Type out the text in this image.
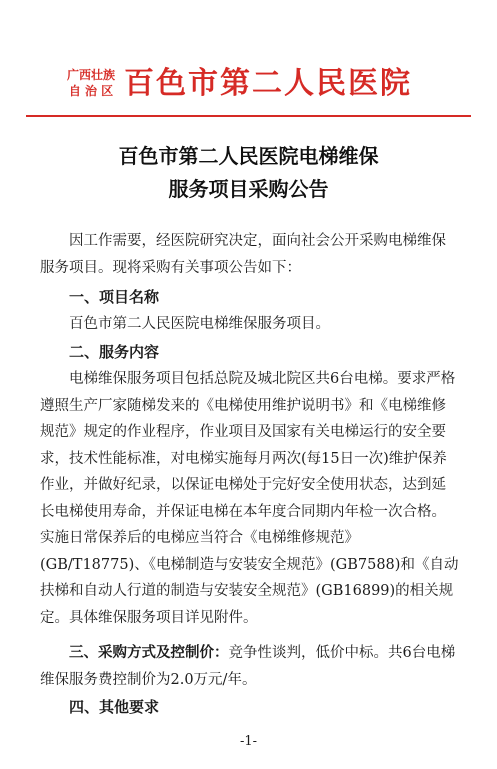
广西壮族
自 治 区 百色市第二人民医院
百色市第二人民医院电梯维保
服务项目采购公告
因工作需要，经医院研究决定，面向社会公开采购电梯维保服务项目。现将采购有关事项公告如下：
一、项目名称
百色市第二人民医院电梯维保服务项目。
二、服务内容
电梯维保服务项目包括总院及城北院区共6台电梯。要求严格遵照生产厂家随梯发来的《电梯使用维护说明书》和《电梯维修规范》规定的作业程序，作业项目及国家有关电梯运行的安全要求，技术性能标准，对电梯实施每月两次(每15日一次)维护保养作业，并做好纪录，以保证电梯处于完好安全使用状态，达到延长电梯使用寿命，并保证电梯在本年度合同期内年检一次合格。实施日常保养后的电梯应当符合《电梯维修规范》(GB/T18775)、《电梯制造与安装安全规范》(GB7588)和《自动扶梯和自动人行道的制造与安装安全规范》(GB16899)的相关规定。具体维保服务项目详见附件。
三、采购方式及控制价：竞争性谈判，低价中标。共6台电梯维保服务费控制价为2.0万元/年。
四、其他要求
-1-
